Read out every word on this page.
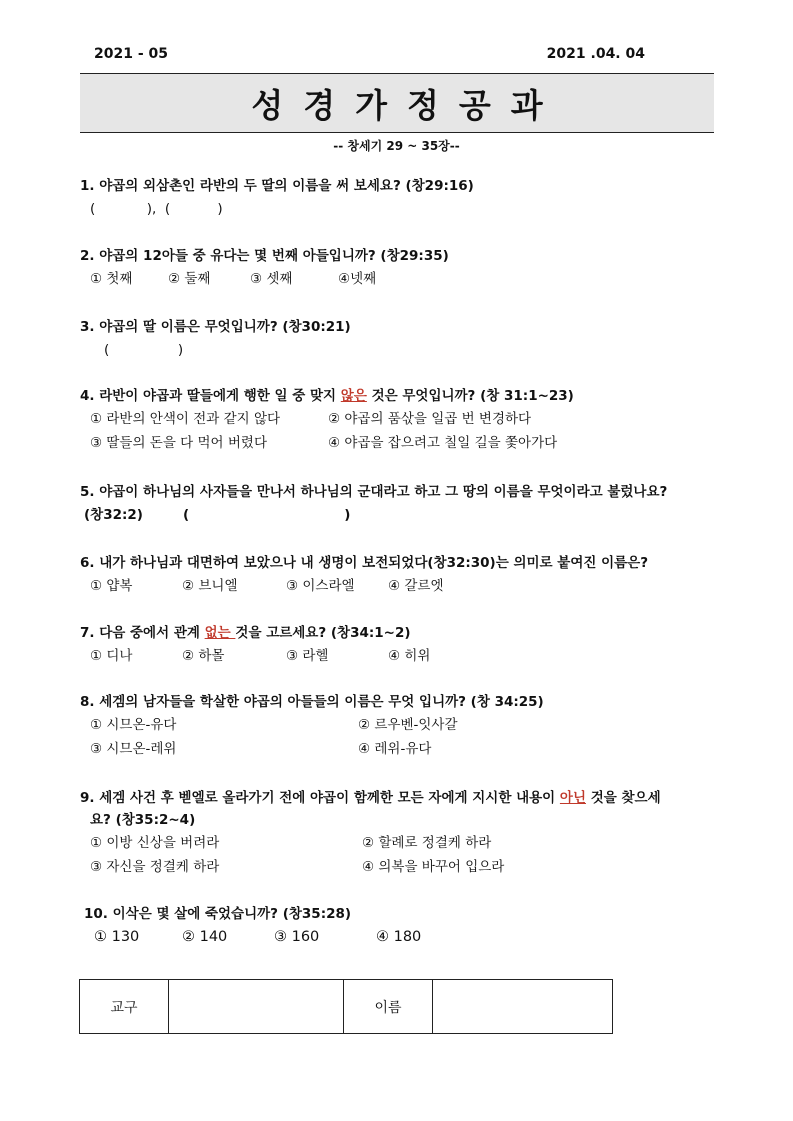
2021 - 05	2021 .04. 04
성경가정공과
-- 창세기 29 ~ 35장--
1. 야곱의 외삼촌인 라반의 두 딸의 이름을 써 보세요? (창29:16)
(            ),  (           )
2. 야곱의 12아들 중 유다는 몇 번째 아들입니까? (창29:35)
① 첫째	② 둘째	③ 셋째	④넷째
3. 야곱의 딸 이름은 무엇입니까? (창30:21)
(                )
4. 라반이 야곱과 딸들에게 행한 일 중 맞지 않은 것은 무엇입니까? (창 31:1~23)
① 라반의 안색이 전과 같지 않다	② 야곱의 품삯을 일곱 번 변경하다
③ 딸들의 돈을 다 먹어 버렸다	④ 야곱을 잡으려고 칠일 길을 쫓아가다
5. 야곱이 하나님의 사자들을 만나서 하나님의 군대라고 하고 그 땅의 이름을 무엇이라고 불렀나요?
(창32:2)	(                                 )
6. 내가 하나님과 대면하여 보았으나 내 생명이 보전되었다(창32:30)는 의미로 붙여진 이름은?
① 얍복	② 브니엘	③ 이스라엘 ④ 갈르엣
7. 다음 중에서 관계 없는 것을 고르세요? (창34:1~2)
① 디나	② 하몰	③ 라헬	④ 히위
8. 세겜의 남자들을 학살한 야곱의 아들들의 이름은 무엇 입니까? (창 34:25)
① 시므온-유다	② 르우벤-잇사갈
③ 시므온-레위	④ 레위-유다
9. 세겜 사건 후 벧엘로 올라가기 전에 야곱이 함께한 모든 자에게 지시한 내용이 아닌 것을 찾으세
요? (창35:2~4)
① 이방 신상을 버려라	② 할례로 정결케 하라
③ 자신을 정결케 하라	④ 의복을 바꾸어 입으라
10. 이삭은 몇 살에 죽었습니까? (창35:28)
① 130	② 140	③ 160	④ 180
교구		이름	
